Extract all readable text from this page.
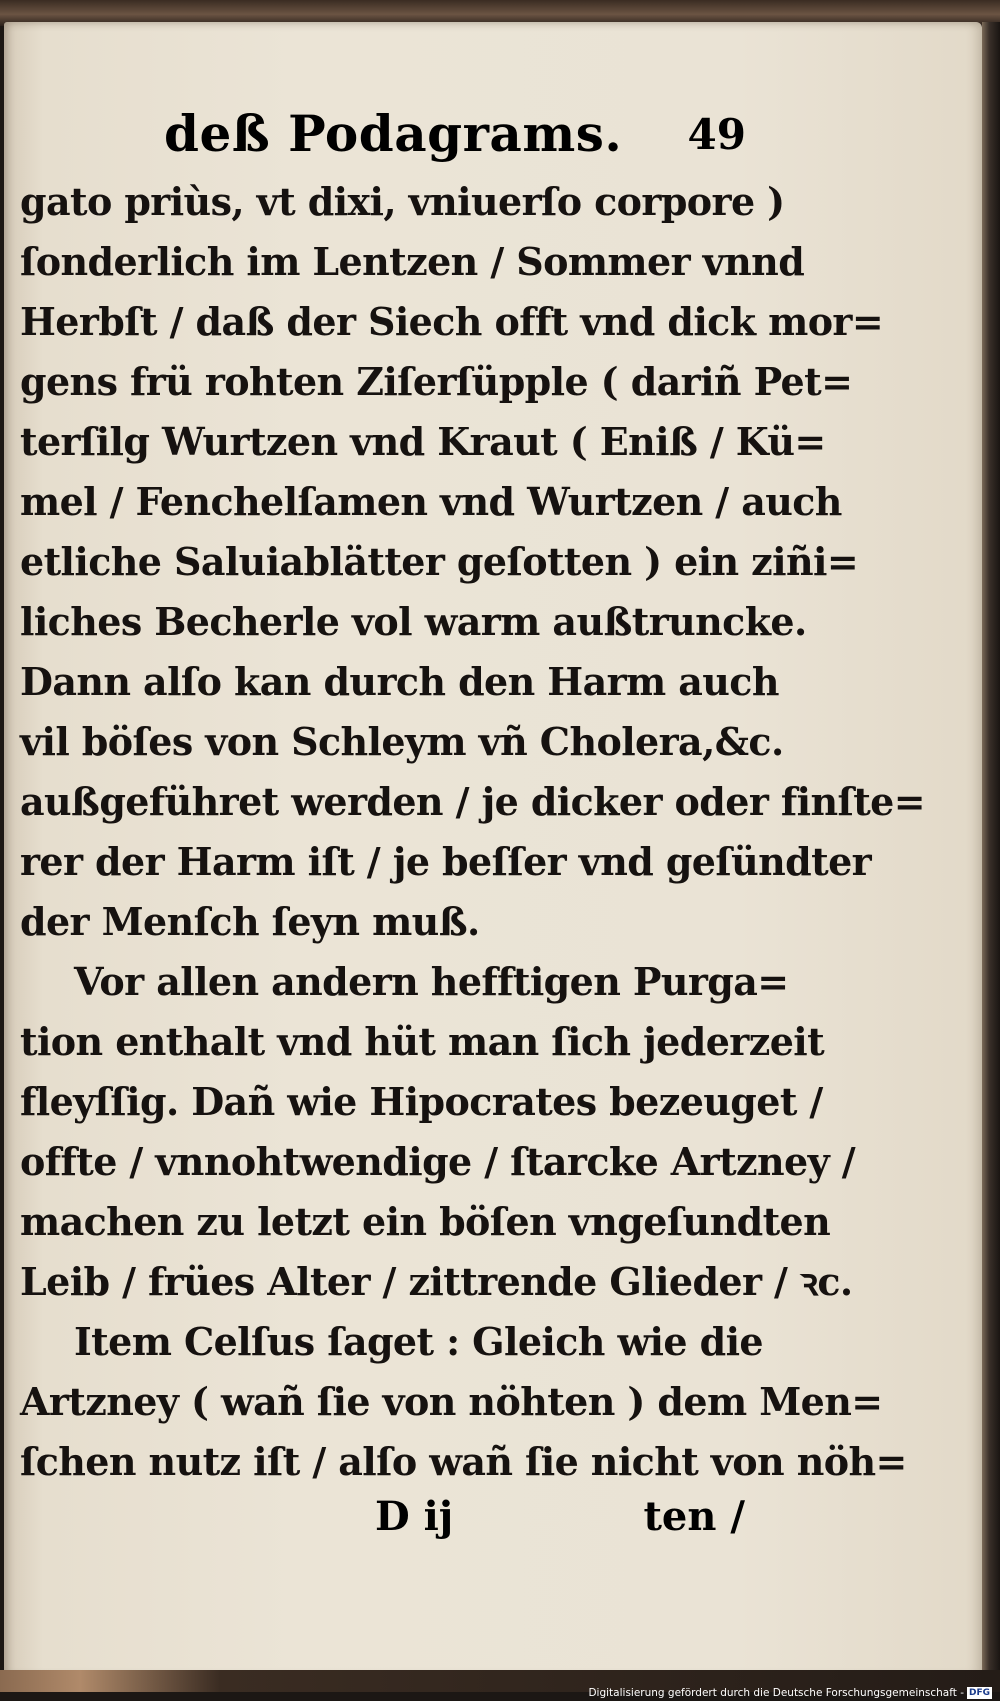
deß Podagrams. 49
gato priùs, vt dixi, vniuerſo corpore )
ſonderlich im Lentzen / Sommer vnnd
Herbſt / daß der Siech offt vnd dick mor=
gens frü rohten Ziſerſüpple ( dariñ Pet=
terſilg Wurtzen vnd Kraut ( Eniß / Kü=
mel / Fenchelſamen vnd Wurtzen / auch
etliche Saluiablätter geſotten ) ein ziñi=
liches Becherle vol warm außtruncke.
Dann alſo kan durch den Harm auch
vil böſes von Schleym vñ Cholera,&c.
außgeführet werden / je dicker oder finſte=
rer der Harm iſt / je beſſer vnd geſündter
der Menſch ſeyn muß.
Vor allen andern hefftigen Purga=
tion enthalt vnd hüt man ſich jederzeit
fleyſſig. Dañ wie Hipocrates bezeuget /
offte / vnnohtwendige / ſtarcke Artzney /
machen zu letzt ein böſen vngeſundten
Leib / frües Alter / zittrende Glieder / ꝛc.
Item Celſus ſaget : Gleich wie die
Artzney ( wañ ſie von nöhten ) dem Men=
ſchen nutz iſt / alſo wañ ſie nicht von nöh=
D ij	ten /
Digitalisierung gefördert durch die Deutsche Forschungsgemeinschaft - DFG
